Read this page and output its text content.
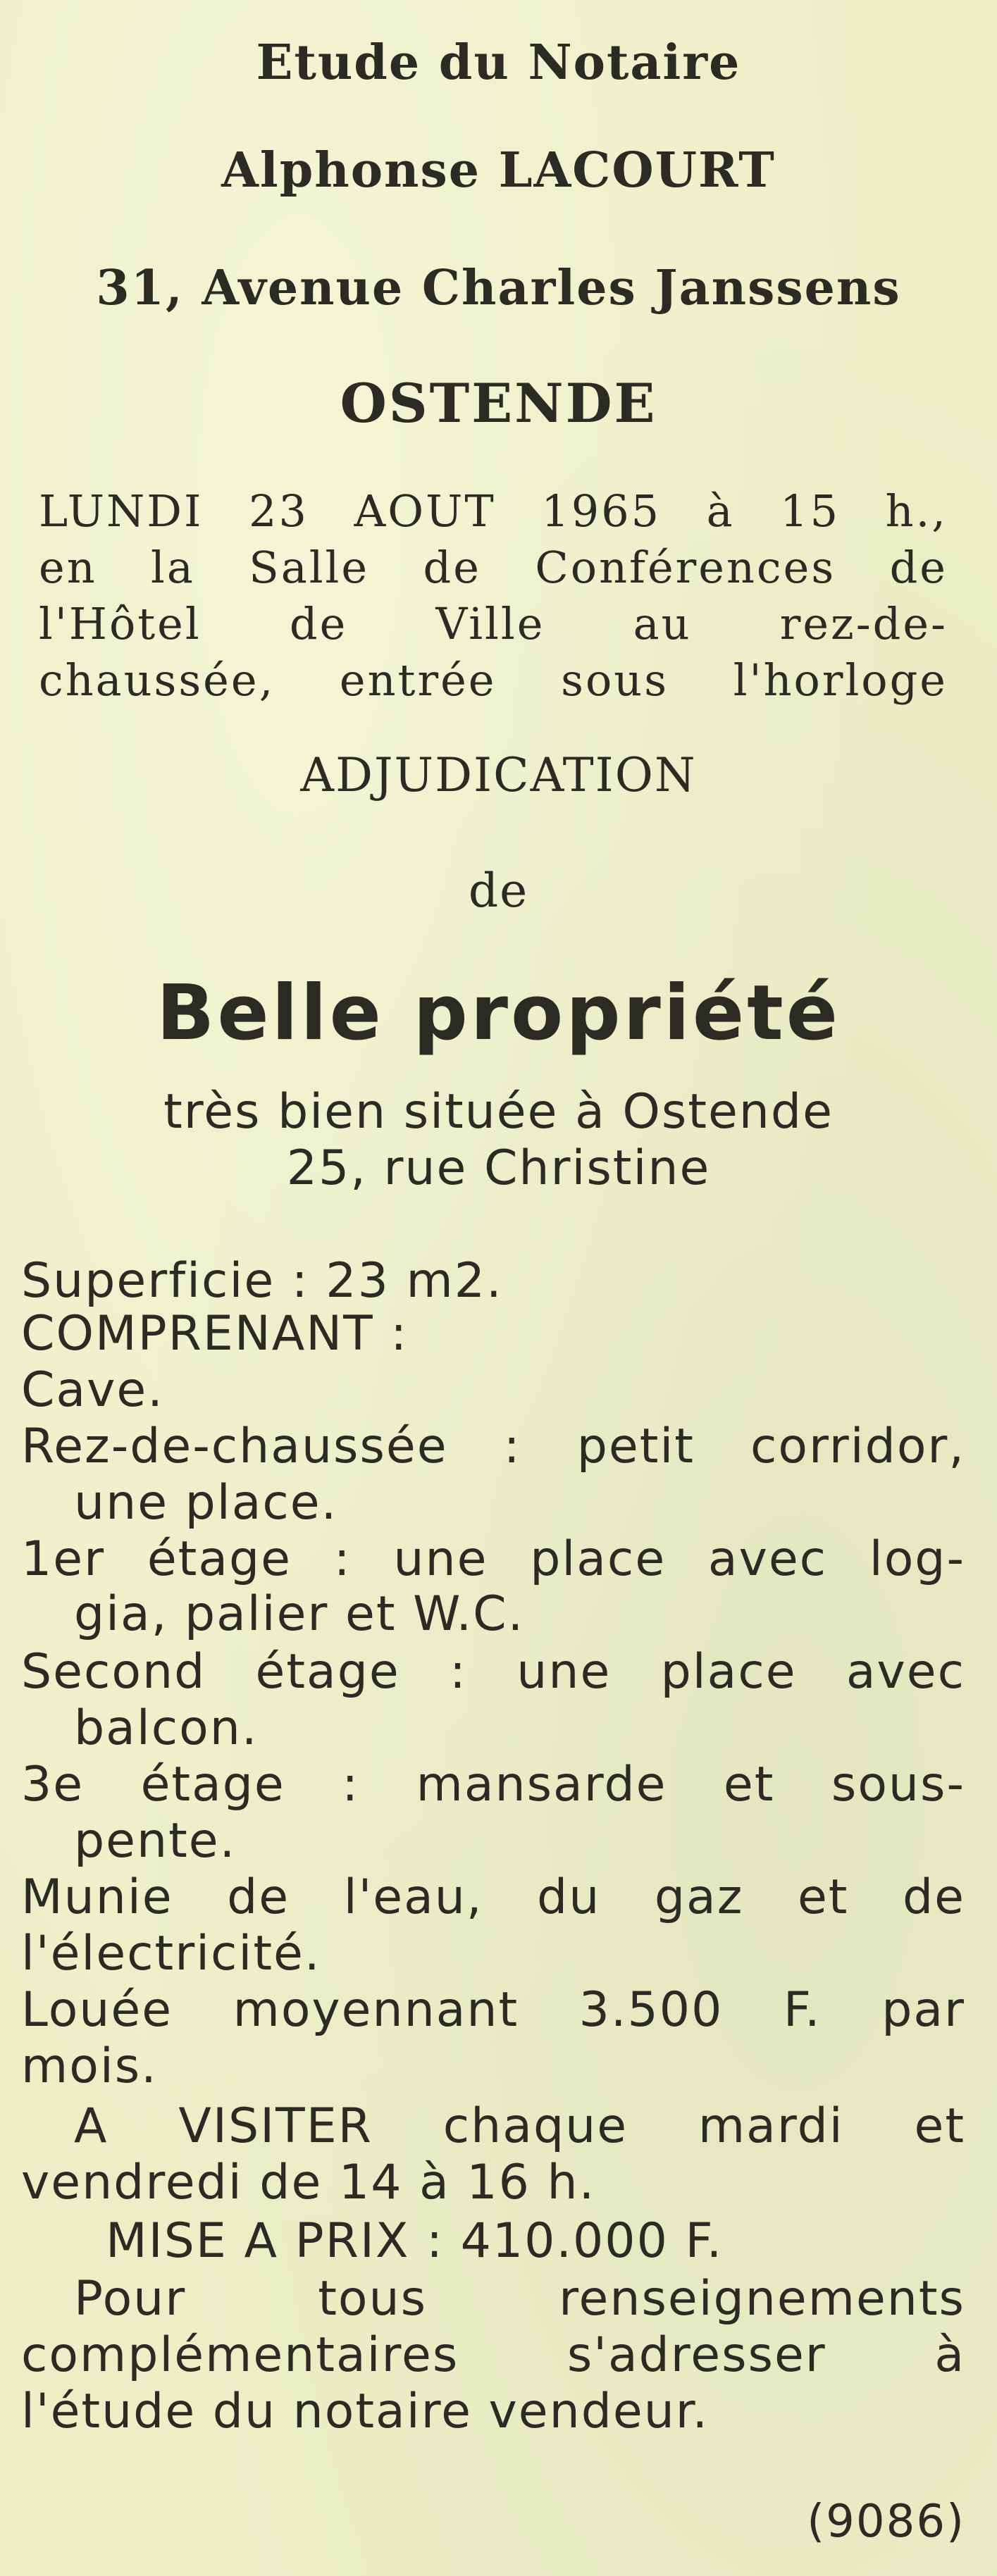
Etude du Notaire
Alphonse LACOURT
31, Avenue Charles Janssens
OSTENDE
LUNDI 23 AOUT 1965 à 15 h.,
en la Salle de Conférences de
l'Hôtel de Ville au rez-de-
chaussée, entrée sous l'horloge
ADJUDICATION
de
Belle propriété
très bien située à Ostende
25, rue Christine
Superficie : 23 m2.
COMPRENANT :
Cave.
Rez-de-chaussée : petit corridor,
une place.
1er étage : une place avec log-
gia, palier et W.C.
Second étage : une place avec
balcon.
3e étage : mansarde et sous-
pente.
Munie de l'eau, du gaz et de
l'électricité.
Louée moyennant 3.500 F. par
mois.
A VISITER chaque mardi et
vendredi de 14 à 16 h.
MISE A PRIX : 410.000 F.
Pour tous renseignements
complémentaires s'adresser à
l'étude du notaire vendeur.
(9086)
